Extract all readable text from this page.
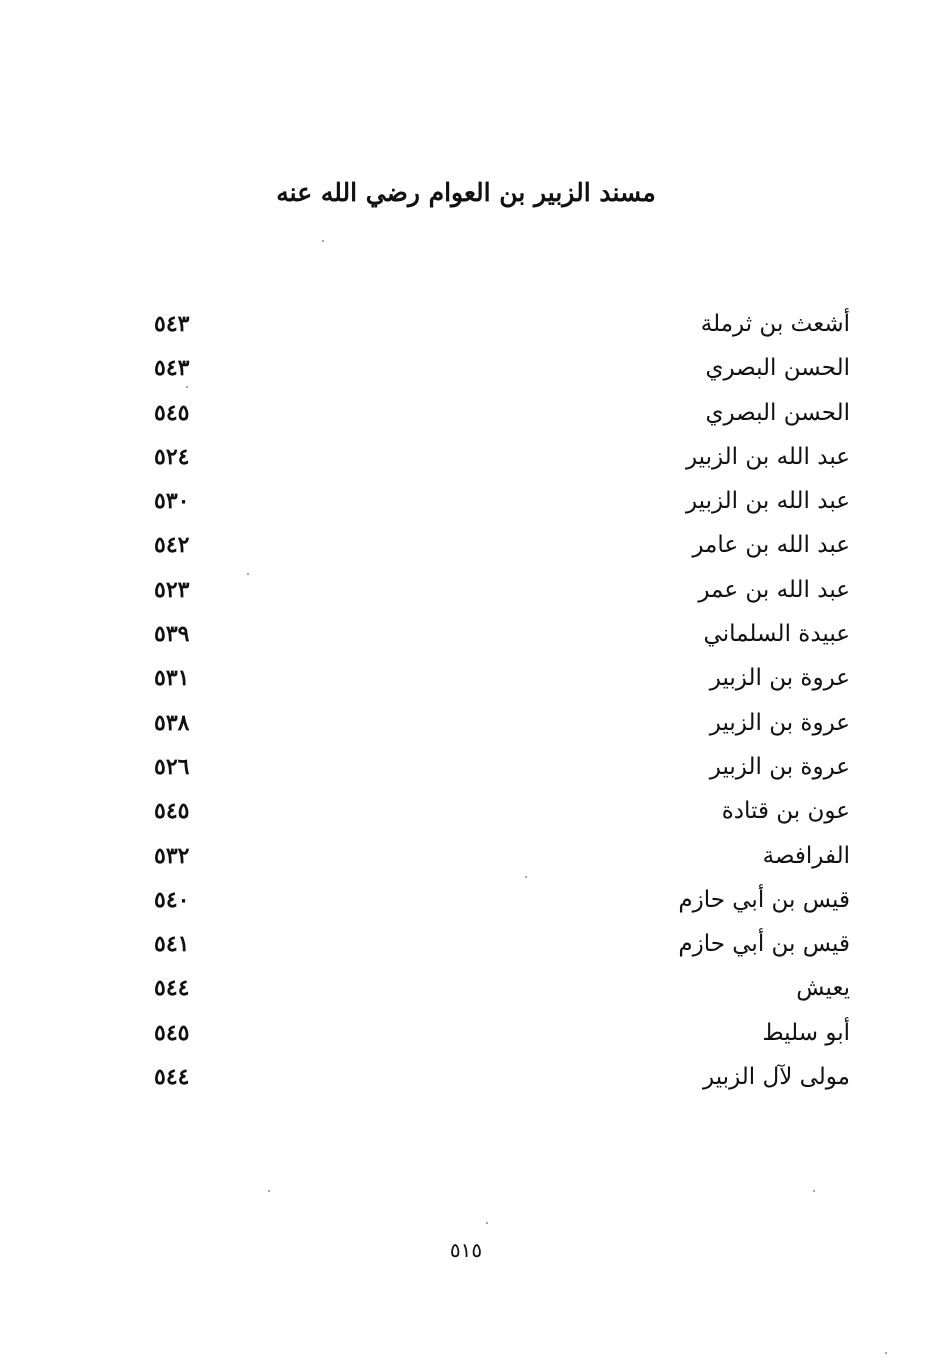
مسند الزبير بن العوام رضي الله عنه
أشعث بن ثرملة
٥٤٣
الحسن البصري
٥٤٣
الحسن البصري
٥٤٥
عبد الله بن الزبير
٥٢٤
عبد الله بن الزبير
٥٣٠
عبد الله بن عامر
٥٤٢
عبد الله بن عمر
٥٢٣
عبيدة السلماني
٥٣٩
عروة بن الزبير
٥٣١
عروة بن الزبير
٥٣٨
عروة بن الزبير
٥٢٦
عون بن قتادة
٥٤٥
الفرافصة
٥٣٢
قيس بن أبي حازم
٥٤٠
قيس بن أبي حازم
٥٤١
يعيش
٥٤٤
أبو سليط
٥٤٥
مولى لآل الزبير
٥٤٤
٥١٥
